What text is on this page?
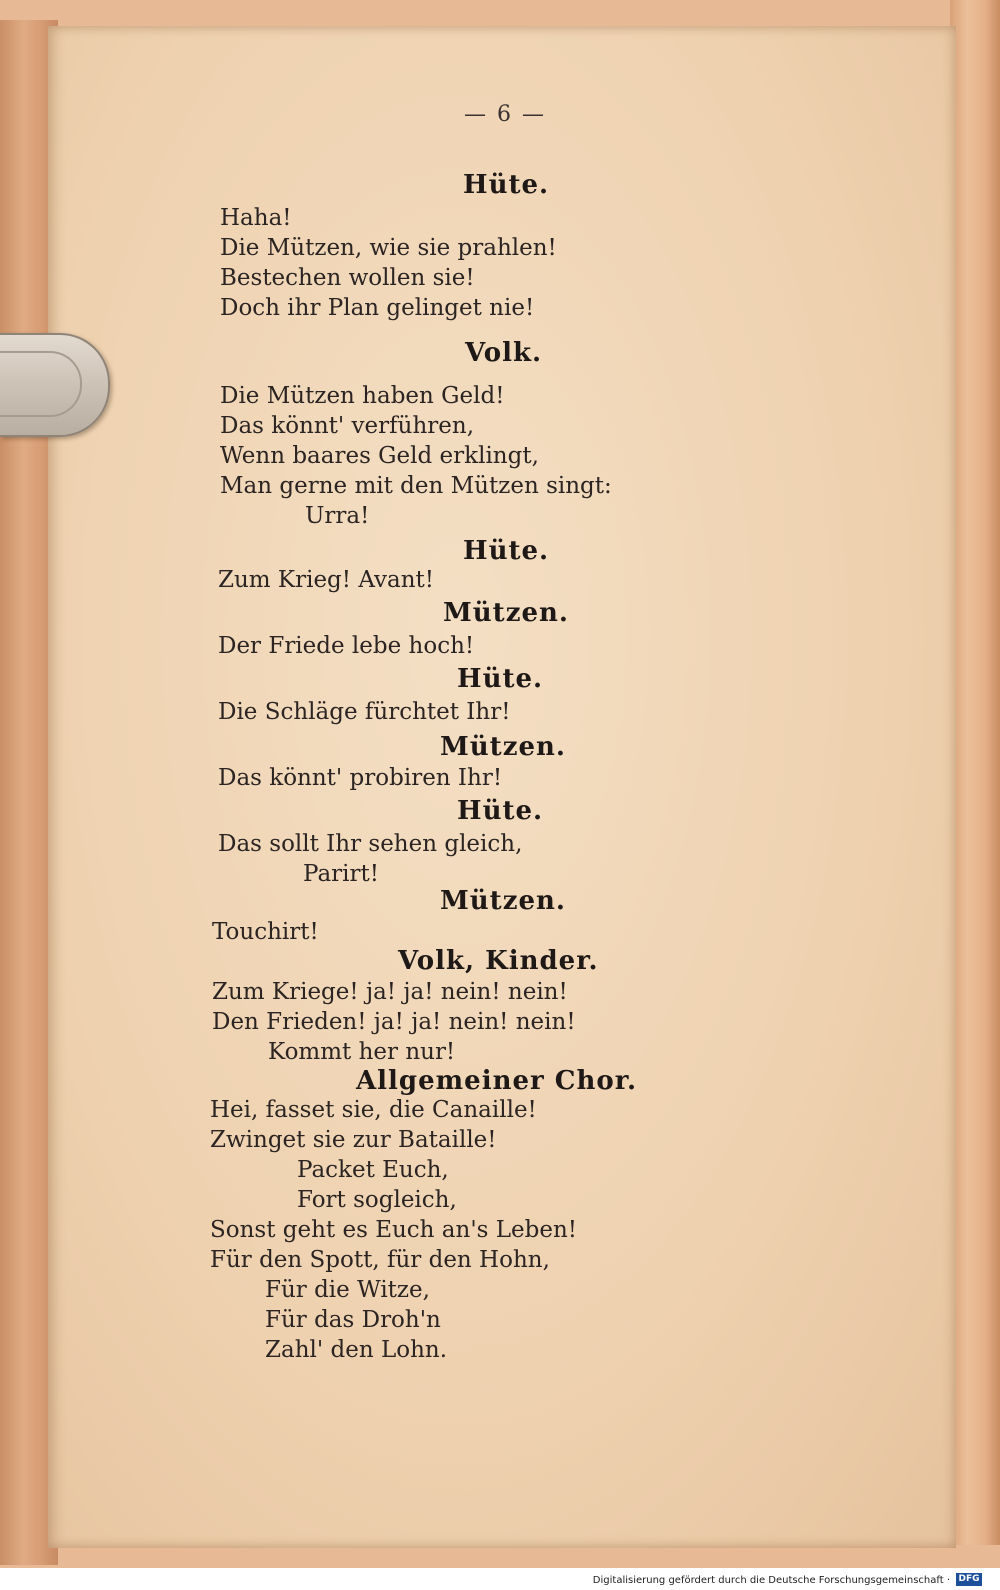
— 6 —
Hüte.
Haha!
Die Mützen, wie sie prahlen!
Bestechen wollen sie!
Doch ihr Plan gelinget nie!
Volk.
Die Mützen haben Geld!
Das könnt' verführen,
Wenn baares Geld erklingt,
Man gerne mit den Mützen singt:
Urra!
Hüte.
Zum Krieg! Avant!
Mützen.
Der Friede lebe hoch!
Hüte.
Die Schläge fürchtet Ihr!
Mützen.
Das könnt' probiren Ihr!
Hüte.
Das sollt Ihr sehen gleich,
Parirt!
Mützen.
Touchirt!
Volk, Kinder.
Zum Kriege! ja! ja! nein! nein!
Den Frieden! ja! ja! nein! nein!
Kommt her nur!
Allgemeiner Chor.
Hei, fasset sie, die Canaille!
Zwinget sie zur Bataille!
Packet Euch,
Fort sogleich,
Sonst geht es Euch an's Leben!
Für den Spott, für den Hohn,
Für die Witze,
Für das Droh'n
Zahl' den Lohn.
Digitalisierung gefördert durch die Deutsche Forschungsgemeinschaft · DFG
